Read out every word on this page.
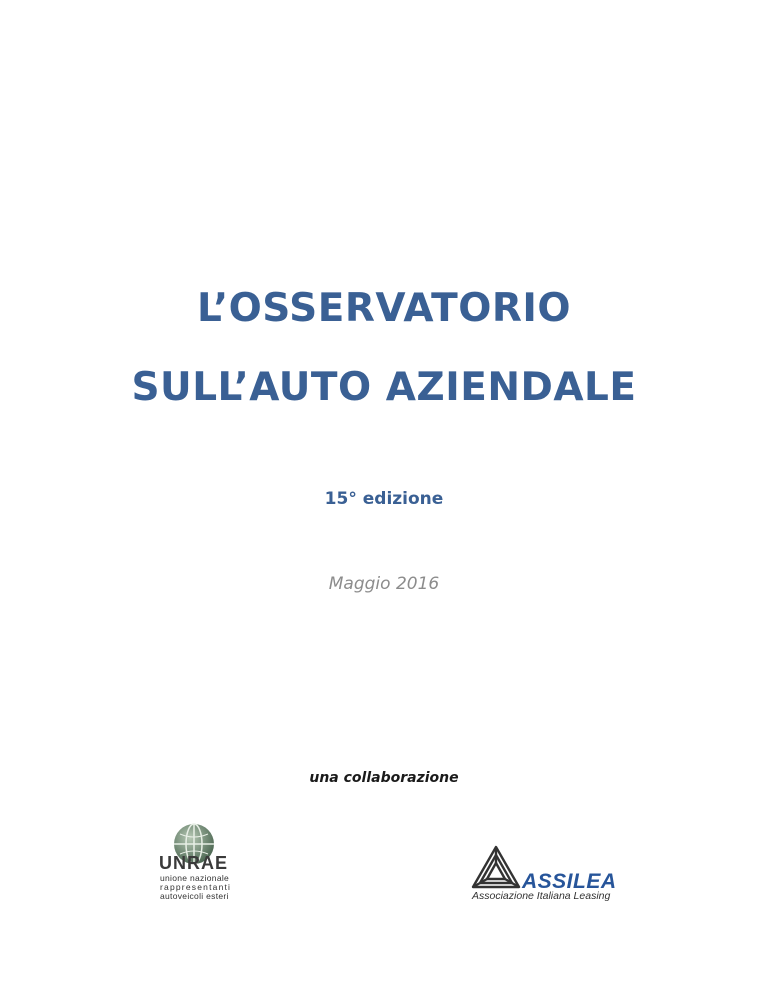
L’OSSERVATORIO
SULL’AUTO AZIENDALE
15° edizione
Maggio 2016
una collaborazione
UNRAE
unione nazionale
rappresentanti
autoveicoli esteri
ASSILEA
Associazione Italiana Leasing
